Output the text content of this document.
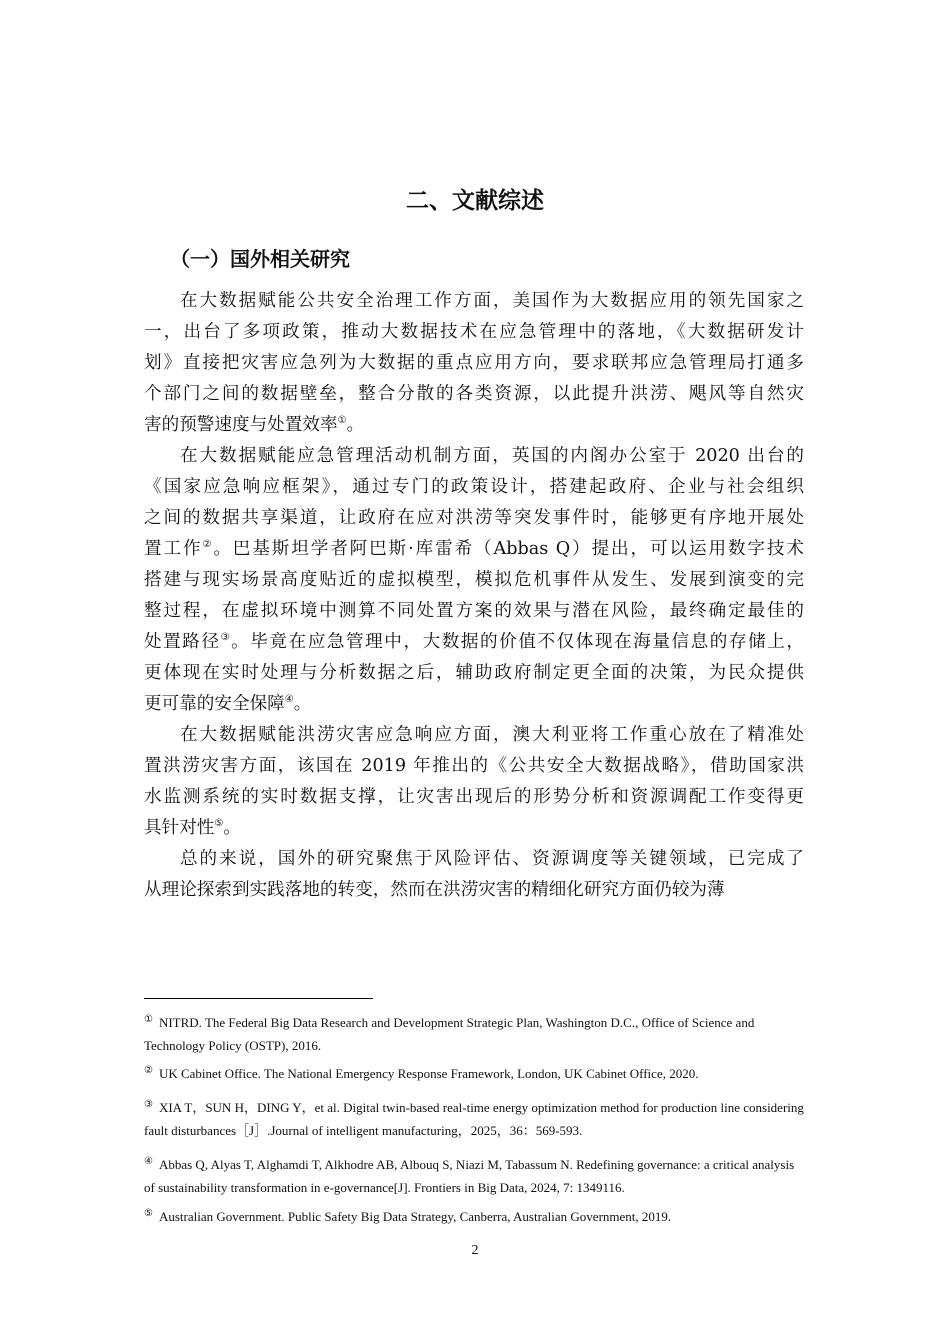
二、文献综述
（一）国外相关研究
在大数据赋能公共安全治理工作方面，美国作为大数据应用的领先国家之
一，出台了多项政策，推动大数据技术在应急管理中的落地，《大数据研发计
划》直接把灾害应急列为大数据的重点应用方向，要求联邦应急管理局打通多
个部门之间的数据壁垒，整合分散的各类资源，以此提升洪涝、飓风等自然灾
害的预警速度与处置效率①。
在大数据赋能应急管理活动机制方面，英国的内阁办公室于 2020 出台的
《国家应急响应框架》，通过专门的政策设计，搭建起政府、企业与社会组织
之间的数据共享渠道，让政府在应对洪涝等突发事件时，能够更有序地开展处
置工作②。巴基斯坦学者阿巴斯·库雷希（Abbas Q）提出，可以运用数字技术
搭建与现实场景高度贴近的虚拟模型，模拟危机事件从发生、发展到演变的完
整过程，在虚拟环境中测算不同处置方案的效果与潜在风险，最终确定最佳的
处置路径③。毕竟在应急管理中，大数据的价值不仅体现在海量信息的存储上，
更体现在实时处理与分析数据之后，辅助政府制定更全面的决策，为民众提供
更可靠的安全保障④。
在大数据赋能洪涝灾害应急响应方面，澳大利亚将工作重心放在了精准处
置洪涝灾害方面，该国在 2019 年推出的《公共安全大数据战略》，借助国家洪
水监测系统的实时数据支撑，让灾害出现后的形势分析和资源调配工作变得更
具针对性⑤。
总的来说，国外的研究聚焦于风险评估、资源调度等关键领域，已完成了
从理论探索到实践落地的转变，然而在洪涝灾害的精细化研究方面仍较为薄
① NITRD. The Federal Big Data Research and Development Strategic Plan, Washington D.C., Office of Science and Technology Policy (OSTP), 2016.
② UK Cabinet Office. The National Emergency Response Framework, London, UK Cabinet Office, 2020.
③ XIA T，SUN H，DING Y，et al. Digital twin-based real-time energy optimization method for production line considering fault disturbances［J］.Journal of intelligent manufacturing，2025，36：569-593.
④ Abbas Q, Alyas T, Alghamdi T, Alkhodre AB, Albouq S, Niazi M, Tabassum N. Redefining governance: a critical analysis of sustainability transformation in e-governance[J]. Frontiers in Big Data, 2024, 7: 1349116.
⑤ Australian Government. Public Safety Big Data Strategy, Canberra, Australian Government, 2019.
2
